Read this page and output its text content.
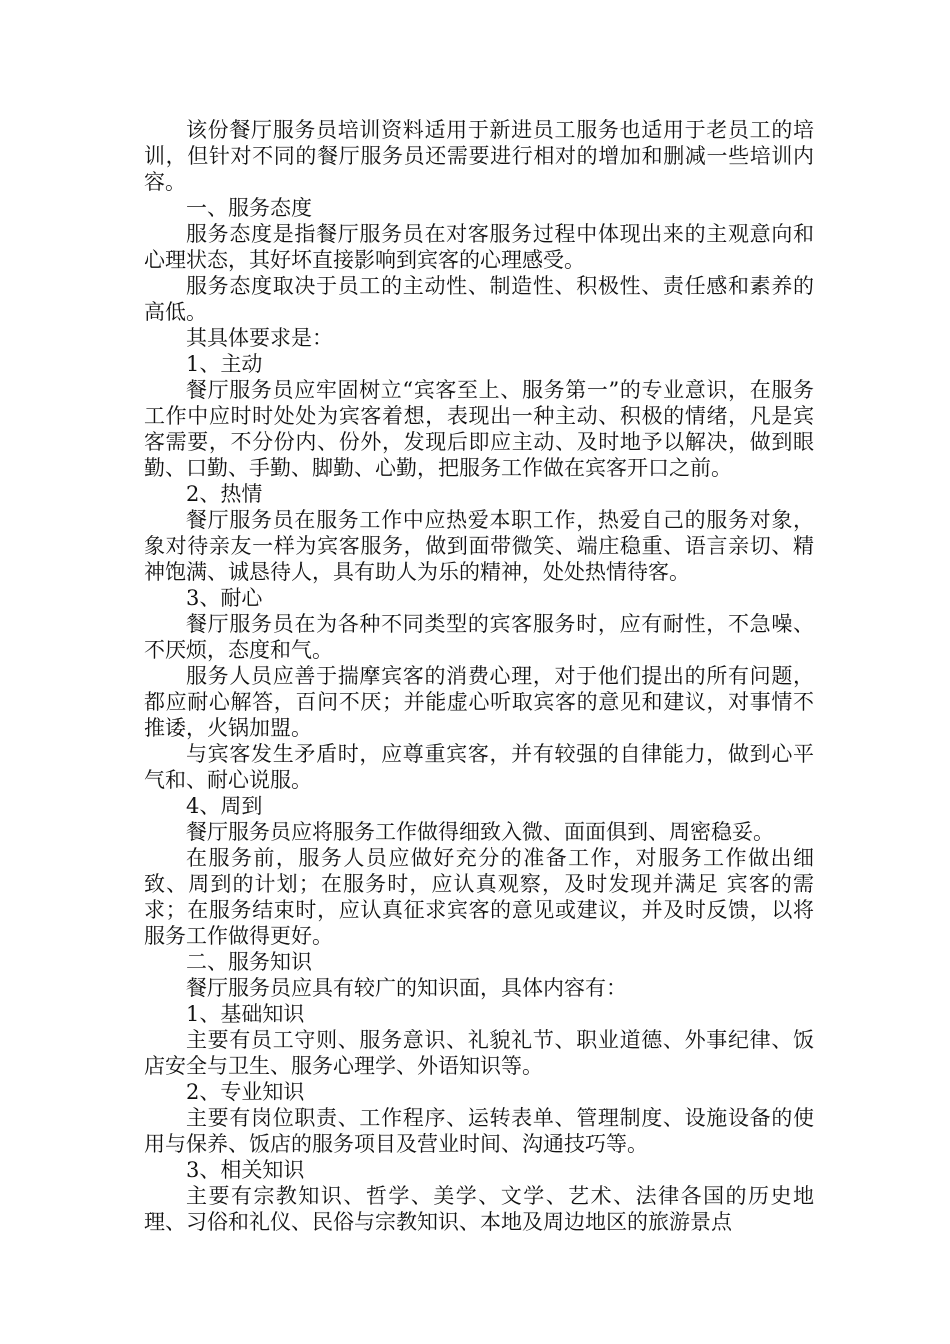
该份餐厅服务员培训资料适用于新进员工服务也适用于老员工的培训，但针对不同的餐厅服务员还需要进行相对的增加和删减一些培训内容。

一、服务态度

服务态度是指餐厅服务员在对客服务过程中体现出来的主观意向和心理状态，其好坏直接影响到宾客的心理感受。

服务态度取决于员工的主动性、制造性、积极性、责任感和素养的高低。

其具体要求是：

1、主动

餐厅服务员应牢固树立“宾客至上、服务第一”的专业意识，在服务工作中应时时处处为宾客着想，表现出一种主动、积极的情绪，凡是宾客需要，不分份内、份外，发现后即应主动、及时地予以解决，做到眼勤、口勤、手勤、脚勤、心勤，把服务工作做在宾客开口之前。

2、热情

餐厅服务员在服务工作中应热爱本职工作，热爱自己的服务对象，象对待亲友一样为宾客服务，做到面带微笑、端庄稳重、语言亲切、精神饱满、诚恳待人，具有助人为乐的精神，处处热情待客。

3、耐心

餐厅服务员在为各种不同类型的宾客服务时，应有耐性，不急噪、不厌烦，态度和气。

服务人员应善于揣摩宾客的消费心理，对于他们提出的所有问题，都应耐心解答，百问不厌；并能虚心听取宾客的意见和建议，对事情不推诿，火锅加盟。

与宾客发生矛盾时，应尊重宾客，并有较强的自律能力，做到心平气和、耐心说服。

4、周到

餐厅服务员应将服务工作做得细致入微、面面俱到、周密稳妥。

在服务前，服务人员应做好充分的准备工作，对服务工作做出细致、周到的计划；在服务时，应认真观察，及时发现并满足 宾客的需求；在服务结束时，应认真征求宾客的意见或建议，并及时反馈，以将服务工作做得更好。

二、服务知识

餐厅服务员应具有较广的知识面，具体内容有：

1、基础知识

主要有员工守则、服务意识、礼貌礼节、职业道德、外事纪律、饭店安全与卫生、服务心理学、外语知识等。

2、专业知识

主要有岗位职责、工作程序、运转表单、管理制度、设施设备的使用与保养、饭店的服务项目及营业时间、沟通技巧等。

3、相关知识

主要有宗教知识、哲学、美学、文学、艺术、法律各国的历史地理、习俗和礼仪、民俗与宗教知识、本地及周边地区的旅游景点
